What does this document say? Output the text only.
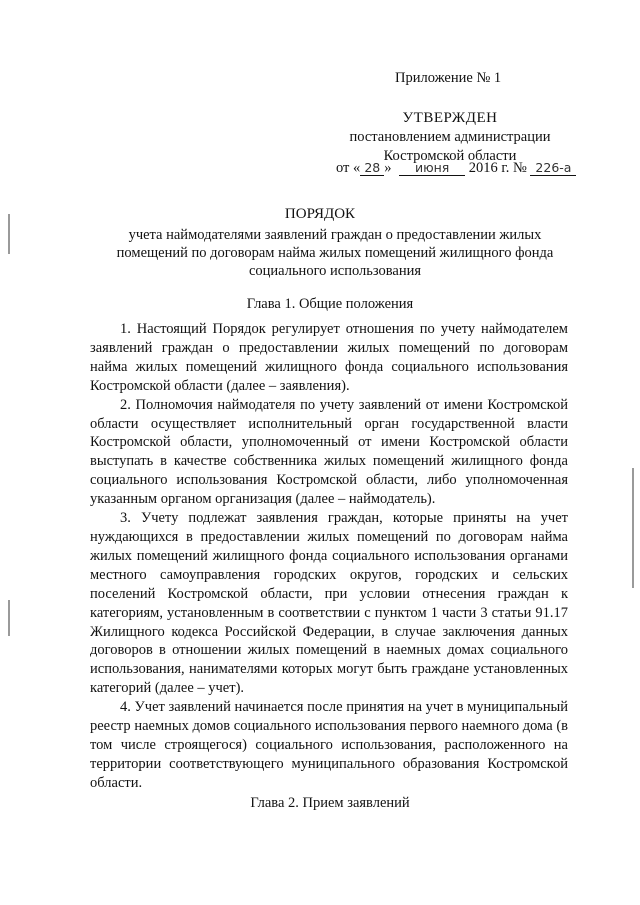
Приложение № 1
УТВЕРЖДЕН
постановлением администрации
Костромской области
от « 28 » июня 2016 г. № 226-а
ПОРЯДОК
учета наймодателями заявлений граждан о предоставлении жилых помещений по договорам найма жилых помещений жилищного фонда социального использования
Глава 1. Общие положения

1. Настоящий Порядок регулирует отношения по учету наймодателем заявлений граждан о предоставлении жилых помещений по договорам найма жилых помещений жилищного фонда социального использования Костромской области (далее – заявления).

2. Полномочия наймодателя по учету заявлений от имени Костромской области осуществляет исполнительный орган государственной власти Костромской области, уполномоченный от имени Костромской области выступать в качестве собственника жилых помещений жилищного фонда социального использования Костромской области, либо уполномоченная указанным органом организация (далее – наймодатель).

3. Учету подлежат заявления граждан, которые приняты на учет нуждающихся в предоставлении жилых помещений по договорам найма жилых помещений жилищного фонда социального использования органами местного самоуправления городских округов, городских и сельских поселений Костромской области, при условии отнесения граждан к категориям, установленным в соответствии с пунктом 1 части 3 статьи 91.17 Жилищного кодекса Российской Федерации, в случае заключения данных договоров в отношении жилых помещений в наемных домах социального использования, нанимателями которых могут быть граждане установленных категорий (далее – учет).

4. Учет заявлений начинается после принятия на учет в муниципальный реестр наемных домов социального использования первого наемного дома (в том числе строящегося) социального использования, расположенного на территории соответствующего муниципального образования Костромской области.

Глава 2. Прием заявлений
